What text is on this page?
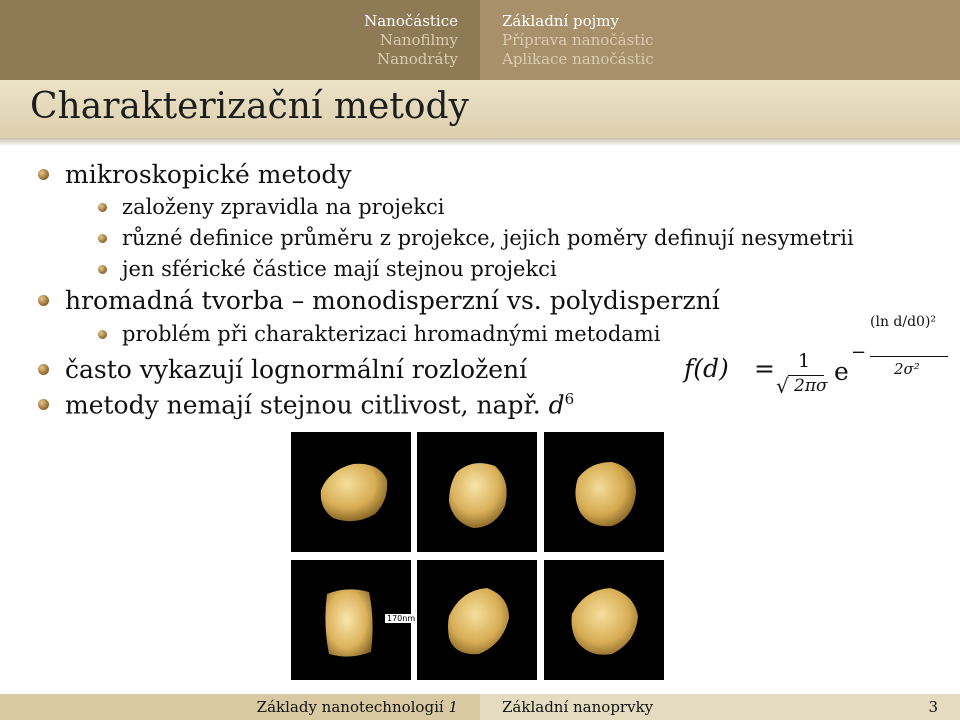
Nanočástice
Nanofilmy
Nanodráty
Základní pojmy
Příprava nanočástic
Aplikace nanočástic
Charakterizační metody
mikroskopické metody
založeny zpravidla na projekci
různé definice průměru z projekce, jejich poměry definují nesymetrii
jen sférické částice mají stejnou projekci
hromadná tvorba – monodisperzní vs. polydisperzní
problém při charakterizaci hromadnými metodami
často vykazují lognormální rozložení
metody nemají stejnou citlivost, např. $d^6$
f(d) = 1
√ 2πσ e
−
(ln d/d0)²
2σ²
170nm
Základy nanotechnologií 1	Základní nanoprvky	3
